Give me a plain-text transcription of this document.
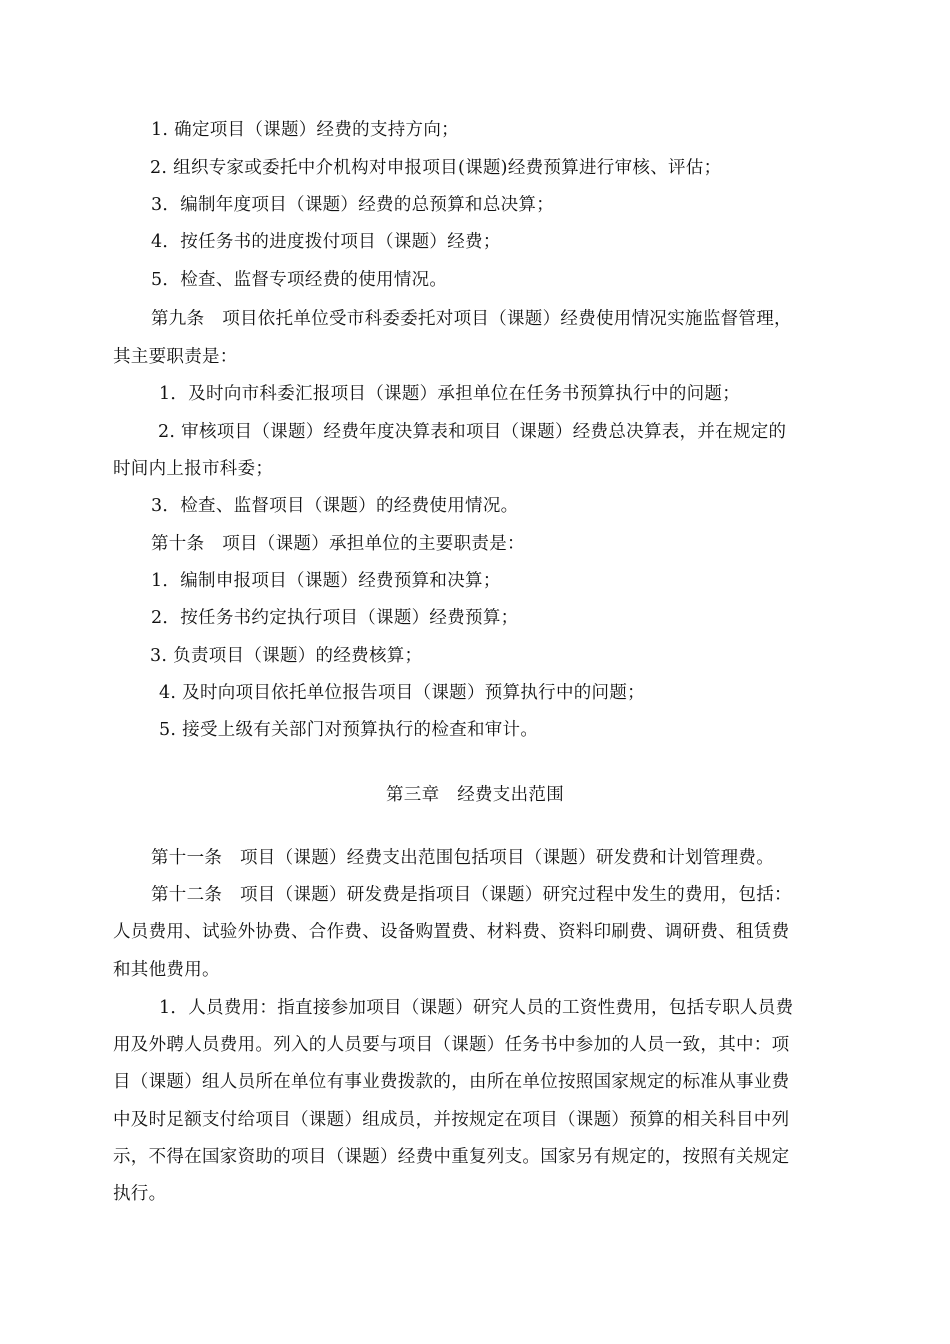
1. 确定项目（课题）经费的支持方向；
2. 组织专家或委托中介机构对申报项目(课题)经费预算进行审核、评估；
3．编制年度项目（课题）经费的总预算和总决算；
4．按任务书的进度拨付项目（课题）经费；
5．检查、监督专项经费的使用情况。
第九条　项目依托单位受市科委委托对项目（课题）经费使用情况实施监督管理，
其主要职责是：
1．及时向市科委汇报项目（课题）承担单位在任务书预算执行中的问题；
2. 审核项目（课题）经费年度决算表和项目（课题）经费总决算表，并在规定的
时间内上报市科委；
3．检查、监督项目（课题）的经费使用情况。
第十条　项目（课题）承担单位的主要职责是：
1．编制申报项目（课题）经费预算和决算；
2．按任务书约定执行项目（课题）经费预算；
3. 负责项目（课题）的经费核算；
4. 及时向项目依托单位报告项目（课题）预算执行中的问题；
5. 接受上级有关部门对预算执行的检查和审计。
第三章　经费支出范围
第十一条　项目（课题）经费支出范围包括项目（课题）研发费和计划管理费。
第十二条　项目（课题）研发费是指项目（课题）研究过程中发生的费用，包括：
人员费用、试验外协费、合作费、设备购置费、材料费、资料印刷费、调研费、租赁费
和其他费用。
1．人员费用：指直接参加项目（课题）研究人员的工资性费用，包括专职人员费
用及外聘人员费用。列入的人员要与项目（课题）任务书中参加的人员一致，其中：项
目（课题）组人员所在单位有事业费拨款的，由所在单位按照国家规定的标准从事业费
中及时足额支付给项目（课题）组成员，并按规定在项目（课题）预算的相关科目中列
示，不得在国家资助的项目（课题）经费中重复列支。国家另有规定的，按照有关规定
执行。
